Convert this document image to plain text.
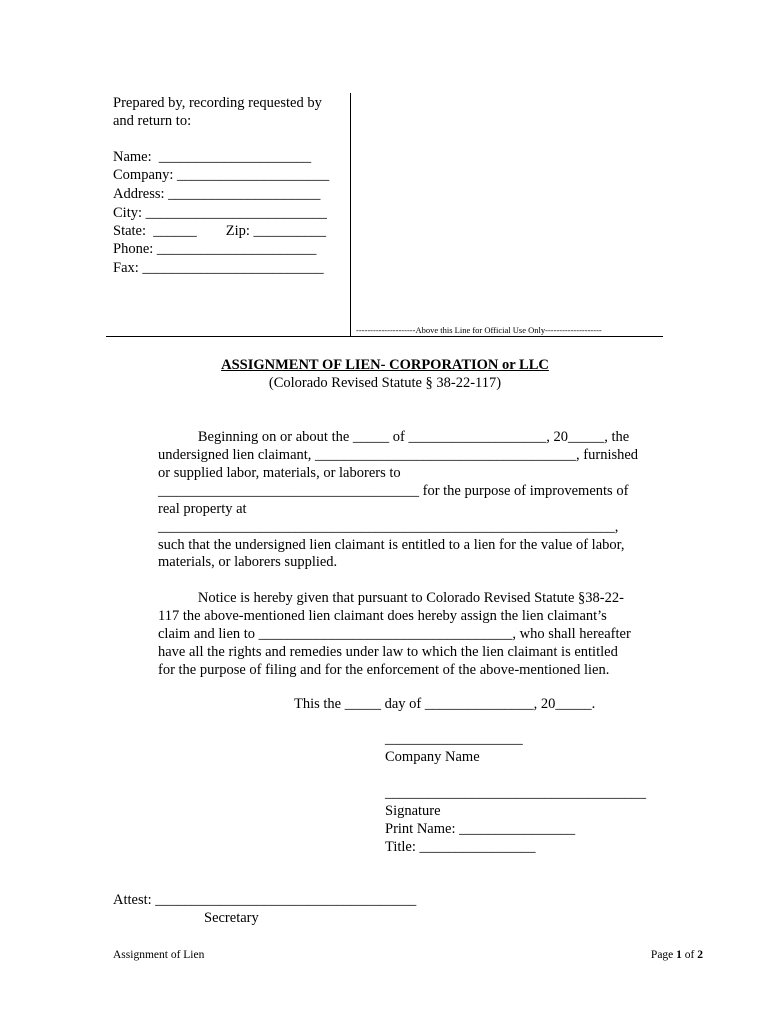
Prepared by, recording requested by
and return to:
Name:  _____________________
Company: _____________________
Address: _____________________
City: _________________________
State:  ______        Zip: __________
Phone: ______________________
Fax: _________________________
---------------------Above this Line for Official Use Only--------------------
ASSIGNMENT OF LIEN- CORPORATION or LLC
(Colorado Revised Statute § 38-22-117)
Beginning on or about the _____ of ___________________, 20_____, the
undersigned lien claimant, ____________________________________, furnished
or supplied labor, materials, or laborers to
____________________________________ for the purpose of improvements of
real property at
_______________________________________________________________,
such that the undersigned lien claimant is entitled to a lien for the value of labor,
materials, or laborers supplied.
Notice is hereby given that pursuant to Colorado Revised Statute §38-22-
117 the above-mentioned lien claimant does hereby assign the lien claimant’s
claim and lien to ___________________________________, who shall hereafter
have all the rights and remedies under law to which the lien claimant is entitled
for the purpose of filing and for the enforcement of the above-mentioned lien.
This the _____ day of _______________, 20_____.
___________________
Company Name
____________________________________
Signature
Print Name: ________________
Title: ________________
Attest: ____________________________________
Secretary
Assignment of Lien	Page 1 of 2
